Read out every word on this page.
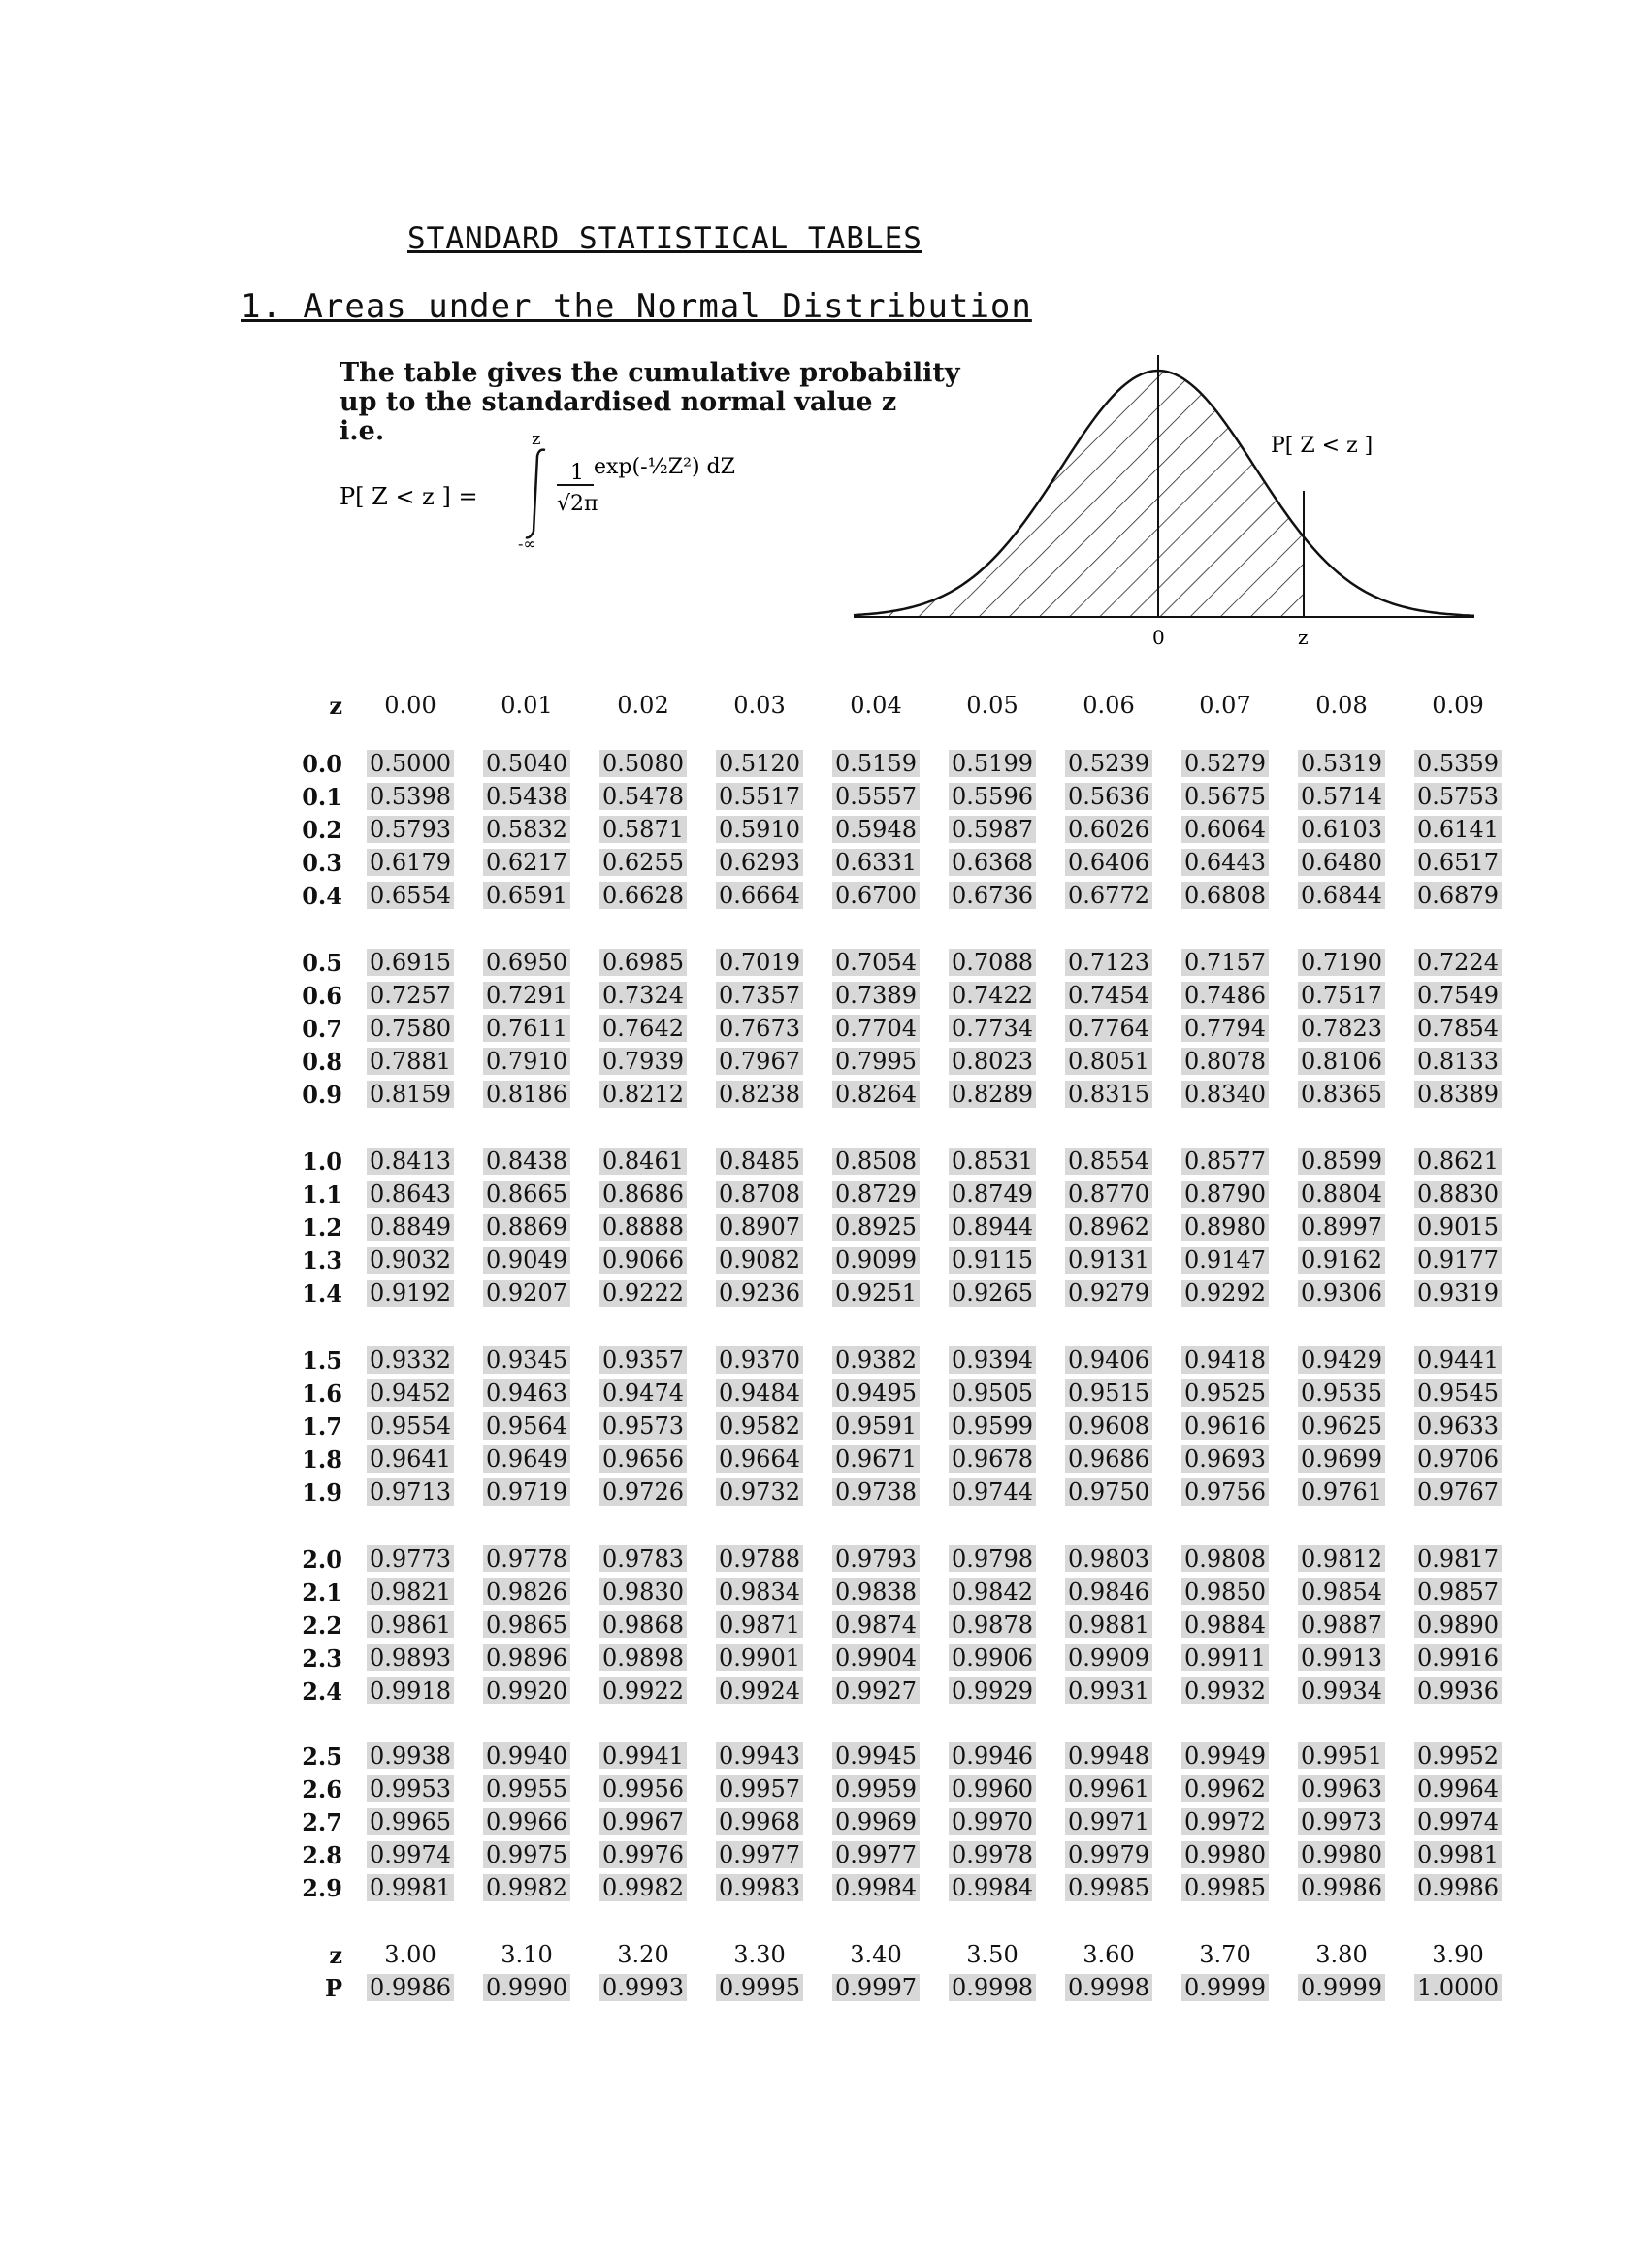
STANDARD STATISTICAL TABLES
1. Areas under the Normal Distribution
The table gives the cumulative probability
up to the standardised normal value z
i.e.
P[ Z < z ] =
z
-∞
1
√2π
exp(-½Z²) dZ
0	z
P[ Z < z ]
z	0.00	0.01	0.02	0.03	0.04	0.05	0.06	0.07	0.08	0.09
0.0	0.5000	0.5040	0.5080	0.5120	0.5159	0.5199	0.5239	0.5279	0.5319	0.5359
0.1	0.5398	0.5438	0.5478	0.5517	0.5557	0.5596	0.5636	0.5675	0.5714	0.5753
0.2	0.5793	0.5832	0.5871	0.5910	0.5948	0.5987	0.6026	0.6064	0.6103	0.6141
0.3	0.6179	0.6217	0.6255	0.6293	0.6331	0.6368	0.6406	0.6443	0.6480	0.6517
0.4	0.6554	0.6591	0.6628	0.6664	0.6700	0.6736	0.6772	0.6808	0.6844	0.6879
0.5	0.6915	0.6950	0.6985	0.7019	0.7054	0.7088	0.7123	0.7157	0.7190	0.7224
0.6	0.7257	0.7291	0.7324	0.7357	0.7389	0.7422	0.7454	0.7486	0.7517	0.7549
0.7	0.7580	0.7611	0.7642	0.7673	0.7704	0.7734	0.7764	0.7794	0.7823	0.7854
0.8	0.7881	0.7910	0.7939	0.7967	0.7995	0.8023	0.8051	0.8078	0.8106	0.8133
0.9	0.8159	0.8186	0.8212	0.8238	0.8264	0.8289	0.8315	0.8340	0.8365	0.8389
1.0	0.8413	0.8438	0.8461	0.8485	0.8508	0.8531	0.8554	0.8577	0.8599	0.8621
1.1	0.8643	0.8665	0.8686	0.8708	0.8729	0.8749	0.8770	0.8790	0.8804	0.8830
1.2	0.8849	0.8869	0.8888	0.8907	0.8925	0.8944	0.8962	0.8980	0.8997	0.9015
1.3	0.9032	0.9049	0.9066	0.9082	0.9099	0.9115	0.9131	0.9147	0.9162	0.9177
1.4	0.9192	0.9207	0.9222	0.9236	0.9251	0.9265	0.9279	0.9292	0.9306	0.9319
1.5	0.9332	0.9345	0.9357	0.9370	0.9382	0.9394	0.9406	0.9418	0.9429	0.9441
1.6	0.9452	0.9463	0.9474	0.9484	0.9495	0.9505	0.9515	0.9525	0.9535	0.9545
1.7	0.9554	0.9564	0.9573	0.9582	0.9591	0.9599	0.9608	0.9616	0.9625	0.9633
1.8	0.9641	0.9649	0.9656	0.9664	0.9671	0.9678	0.9686	0.9693	0.9699	0.9706
1.9	0.9713	0.9719	0.9726	0.9732	0.9738	0.9744	0.9750	0.9756	0.9761	0.9767
2.0	0.9773	0.9778	0.9783	0.9788	0.9793	0.9798	0.9803	0.9808	0.9812	0.9817
2.1	0.9821	0.9826	0.9830	0.9834	0.9838	0.9842	0.9846	0.9850	0.9854	0.9857
2.2	0.9861	0.9865	0.9868	0.9871	0.9874	0.9878	0.9881	0.9884	0.9887	0.9890
2.3	0.9893	0.9896	0.9898	0.9901	0.9904	0.9906	0.9909	0.9911	0.9913	0.9916
2.4	0.9918	0.9920	0.9922	0.9924	0.9927	0.9929	0.9931	0.9932	0.9934	0.9936
2.5	0.9938	0.9940	0.9941	0.9943	0.9945	0.9946	0.9948	0.9949	0.9951	0.9952
2.6	0.9953	0.9955	0.9956	0.9957	0.9959	0.9960	0.9961	0.9962	0.9963	0.9964
2.7	0.9965	0.9966	0.9967	0.9968	0.9969	0.9970	0.9971	0.9972	0.9973	0.9974
2.8	0.9974	0.9975	0.9976	0.9977	0.9977	0.9978	0.9979	0.9980	0.9980	0.9981
2.9	0.9981	0.9982	0.9982	0.9983	0.9984	0.9984	0.9985	0.9985	0.9986	0.9986
z	3.00	3.10	3.20	3.30	3.40	3.50	3.60	3.70	3.80	3.90
P	0.9986	0.9990	0.9993	0.9995	0.9997	0.9998	0.9998	0.9999	0.9999	1.0000
